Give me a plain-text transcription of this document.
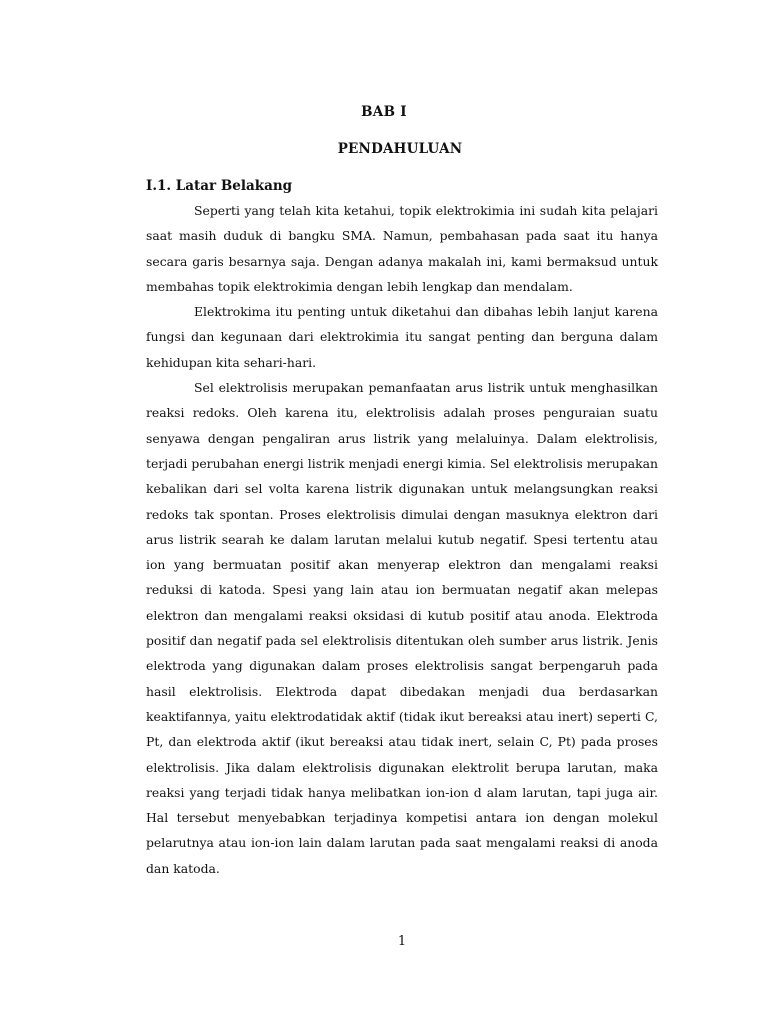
BAB I
PENDAHULUAN
I.1. Latar Belakang

Seperti yang telah kita ketahui, topik elektrokimia ini sudah kita pelajari saat masih duduk di bangku SMA. Namun, pembahasan pada saat itu hanya secara garis besarnya saja. Dengan adanya makalah ini, kami bermaksud untuk membahas topik elektrokimia dengan lebih lengkap dan mendalam.

Elektrokima itu penting untuk diketahui dan dibahas lebih lanjut karena fungsi dan kegunaan dari elektrokimia itu sangat penting dan berguna dalam kehidupan kita sehari-hari.

Sel elektrolisis merupakan pemanfaatan arus listrik untuk menghasilkan reaksi redoks. Oleh karena itu, elektrolisis adalah proses penguraian suatu senyawa dengan pengaliran arus listrik yang melaluinya. Dalam elektrolisis, terjadi perubahan energi listrik menjadi energi kimia. Sel elektrolisis merupakan kebalikan dari sel volta karena listrik digunakan untuk melangsungkan reaksi redoks tak spontan. Proses elektrolisis dimulai dengan masuknya elektron dari arus listrik searah ke dalam larutan melalui kutub negatif. Spesi tertentu atau ion yang bermuatan positif akan menyerap elektron dan mengalami reaksi reduksi di katoda. Spesi yang lain atau ion bermuatan negatif akan melepas elektron dan mengalami reaksi oksidasi di kutub positif atau anoda. Elektroda positif dan negatif pada sel elektrolisis ditentukan oleh sumber arus listrik. Jenis elektroda yang digunakan dalam proses elektrolisis sangat berpengaruh pada hasil elektrolisis. Elektroda dapat dibedakan menjadi dua berdasarkan keaktifannya, yaitu elektrodatidak aktif (tidak ikut bereaksi atau inert) seperti C, Pt, dan elektroda aktif (ikut bereaksi atau tidak inert, selain C, Pt) pada proses elektrolisis. Jika dalam elektrolisis digunakan elektrolit berupa larutan, maka reaksi yang terjadi tidak hanya melibatkan ion-ion d alam larutan, tapi juga air. Hal tersebut menyebabkan terjadinya kompetisi antara ion dengan molekul pelarutnya atau ion-ion lain dalam larutan pada saat mengalami reaksi di anoda dan katoda.

1
